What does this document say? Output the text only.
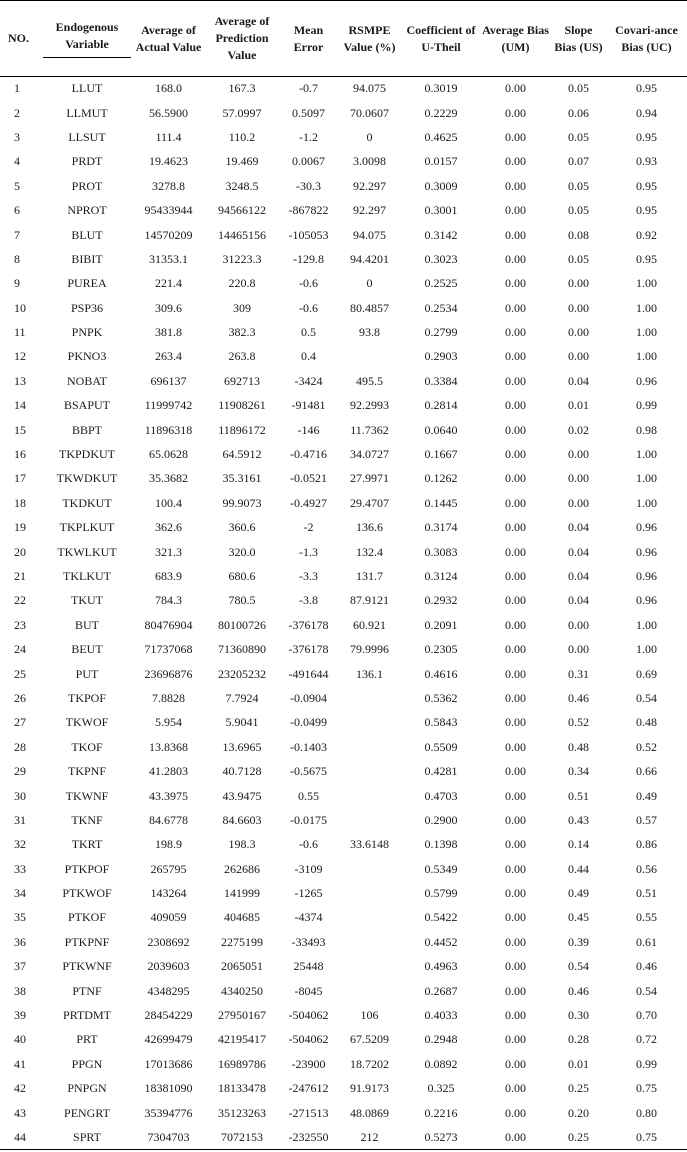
NO.	Endogenous Variable	Average of Actual Value	Average of Prediction Value	Mean Error	RSMPE Value (%)	Coefficient of U-Theil	Average Bias (UM)	Slope Bias (US)	Covari-ance Bias (UC)
1	LLUT	168.0	167.3	-0.7	94.075	0.3019	0.00	0.05	0.95
2	LLMUT	56.5900	57.0997	0.5097	70.0607	0.2229	0.00	0.06	0.94
3	LLSUT	111.4	110.2	-1.2	0	0.4625	0.00	0.05	0.95
4	PRDT	19.4623	19.469	0.0067	3.0098	0.0157	0.00	0.07	0.93
5	PROT	3278.8	3248.5	-30.3	92.297	0.3009	0.00	0.05	0.95
6	NPROT	95433944	94566122	-867822	92.297	0.3001	0.00	0.05	0.95
7	BLUT	14570209	14465156	-105053	94.075	0.3142	0.00	0.08	0.92
8	BIBIT	31353.1	31223.3	-129.8	94.4201	0.3023	0.00	0.05	0.95
9	PUREA	221.4	220.8	-0.6	0	0.2525	0.00	0.00	1.00
10	PSP36	309.6	309	-0.6	80.4857	0.2534	0.00	0.00	1.00
11	PNPK	381.8	382.3	0.5	93.8	0.2799	0.00	0.00	1.00
12	PKNO3	263.4	263.8	0.4		0.2903	0.00	0.00	1.00
13	NOBAT	696137	692713	-3424	495.5	0.3384	0.00	0.04	0.96
14	BSAPUT	11999742	11908261	-91481	92.2993	0.2814	0.00	0.01	0.99
15	BBPT	11896318	11896172	-146	11.7362	0.0640	0.00	0.02	0.98
16	TKPDKUT	65.0628	64.5912	-0.4716	34.0727	0.1667	0.00	0.00	1.00
17	TKWDKUT	35.3682	35.3161	-0.0521	27.9971	0.1262	0.00	0.00	1.00
18	TKDKUT	100.4	99.9073	-0.4927	29.4707	0.1445	0.00	0.00	1.00
19	TKPLKUT	362.6	360.6	-2	136.6	0.3174	0.00	0.04	0.96
20	TKWLKUT	321.3	320.0	-1.3	132.4	0.3083	0.00	0.04	0.96
21	TKLKUT	683.9	680.6	-3.3	131.7	0.3124	0.00	0.04	0.96
22	TKUT	784.3	780.5	-3.8	87.9121	0.2932	0.00	0.04	0.96
23	BUT	80476904	80100726	-376178	60.921	0.2091	0.00	0.00	1.00
24	BEUT	71737068	71360890	-376178	79.9996	0.2305	0.00	0.00	1.00
25	PUT	23696876	23205232	-491644	136.1	0.4616	0.00	0.31	0.69
26	TKPOF	7.8828	7.7924	-0.0904		0.5362	0.00	0.46	0.54
27	TKWOF	5.954	5.9041	-0.0499		0.5843	0.00	0.52	0.48
28	TKOF	13.8368	13.6965	-0.1403		0.5509	0.00	0.48	0.52
29	TKPNF	41.2803	40.7128	-0.5675		0.4281	0.00	0.34	0.66
30	TKWNF	43.3975	43.9475	0.55		0.4703	0.00	0.51	0.49
31	TKNF	84.6778	84.6603	-0.0175		0.2900	0.00	0.43	0.57
32	TKRT	198.9	198.3	-0.6	33.6148	0.1398	0.00	0.14	0.86
33	PTKPOF	265795	262686	-3109		0.5349	0.00	0.44	0.56
34	PTKWOF	143264	141999	-1265		0.5799	0.00	0.49	0.51
35	PTKOF	409059	404685	-4374		0.5422	0.00	0.45	0.55
36	PTKPNF	2308692	2275199	-33493		0.4452	0.00	0.39	0.61
37	PTKWNF	2039603	2065051	25448		0.4963	0.00	0.54	0.46
38	PTNF	4348295	4340250	-8045		0.2687	0.00	0.46	0.54
39	PRTDMT	28454229	27950167	-504062	106	0.4033	0.00	0.30	0.70
40	PRT	42699479	42195417	-504062	67.5209	0.2948	0.00	0.28	0.72
41	PPGN	17013686	16989786	-23900	18.7202	0.0892	0.00	0.01	0.99
42	PNPGN	18381090	18133478	-247612	91.9173	0.325	0.00	0.25	0.75
43	PENGRT	35394776	35123263	-271513	48.0869	0.2216	0.00	0.20	0.80
44	SPRT	7304703	7072153	-232550	212	0.5273	0.00	0.25	0.75
